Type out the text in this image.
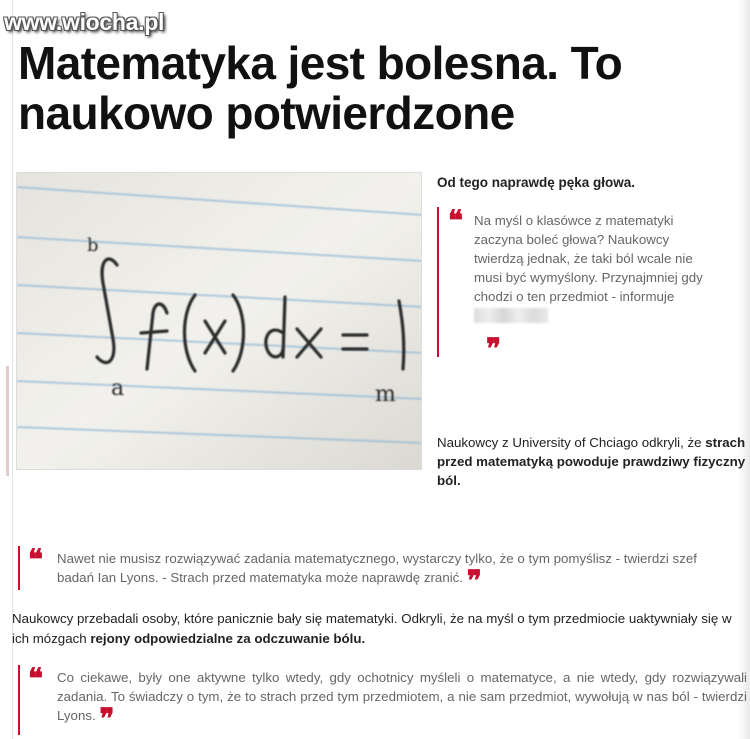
www.wiocha.pl
Matematyka jest bolesna. To naukowo potwierdzone
b
a	m
f(x) dx =
Od tego naprawdę pęka głowa.
❝ Na myśl o klasówce z matematyki zaczyna boleć głowa? Naukowcy twierdzą jednak, że taki ból wcale nie musi być wymyślony. Przynajmniej gdy chodzi o ten przedmiot - informuje
❞
Naukowcy z University of Chciago odkryli, że strach przed matematyką powoduje prawdziwy fizyczny ból.
❝ Nawet nie musisz rozwiązywać zadania matematycznego, wystarczy tylko, że o tym pomyślisz - twierdzi szef badań Ian Lyons. - Strach przed matematyka może naprawdę zranić. ❞
Naukowcy przebadali osoby, które panicznie bały się matematyki. Odkryli, że na myśl o tym przedmiocie uaktywniały się w ich mózgach rejony odpowiedzialne za odczuwanie bólu.
❝ Co ciekawe, były one aktywne tylko wtedy, gdy ochotnicy myśleli o matematyce, a nie wtedy, gdy rozwiązywali zadania. To świadczy o tym, że to strach przed tym przedmiotem, a nie sam przedmiot, wywołują w nas ból - twierdzi Lyons. ❞
